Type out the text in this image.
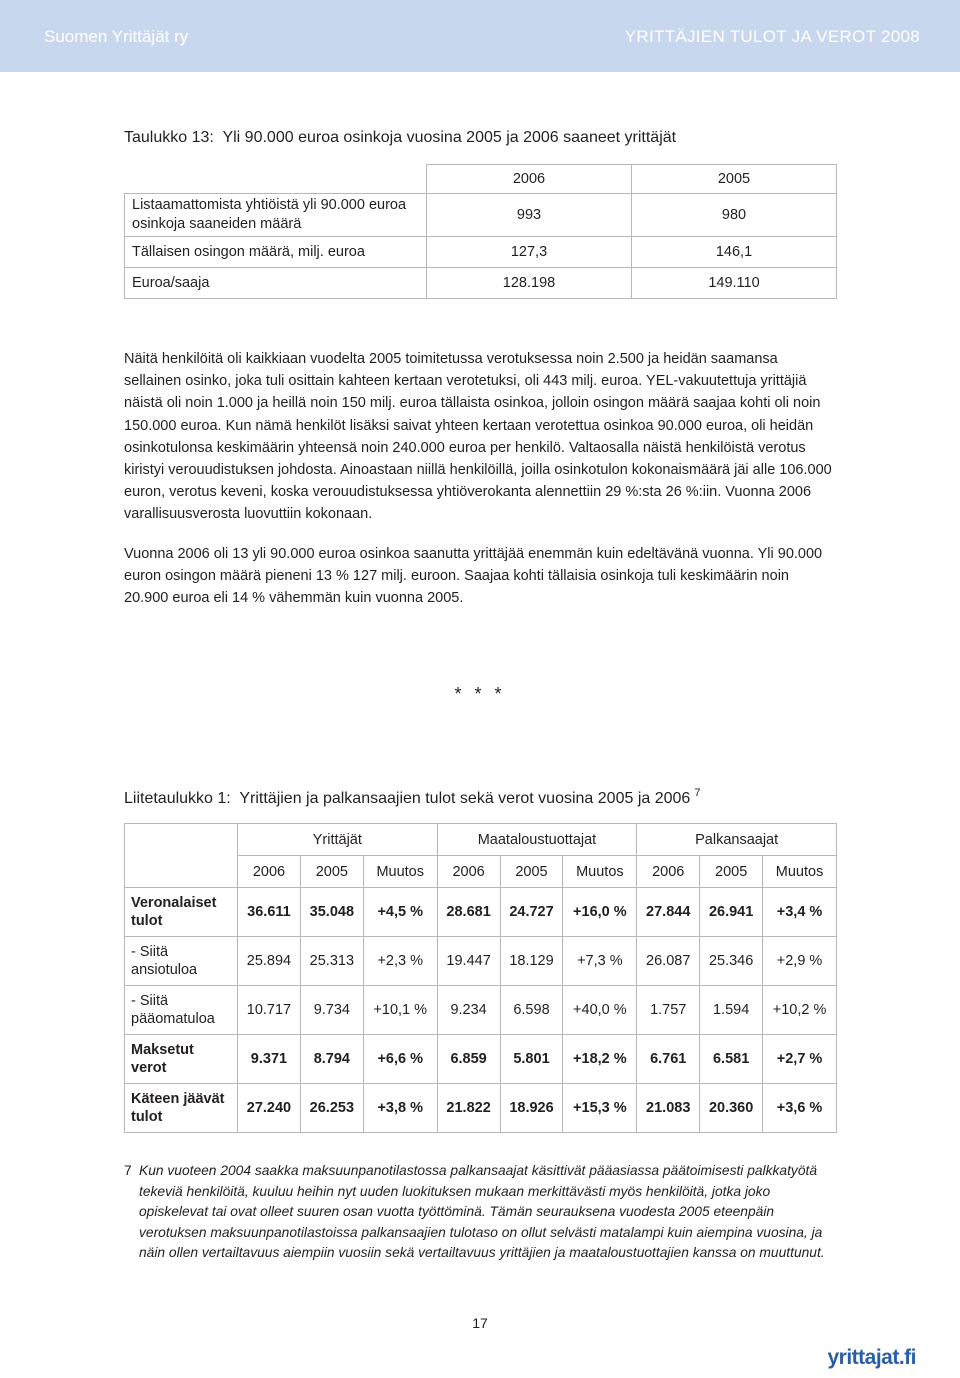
Suomen Yrittäjät ry	YRITTÄJIEN TULOT JA VEROT 2008
Taulukko 13: Yli 90.000 euroa osinkoja vuosina 2005 ja 2006 saaneet yrittäjät
	2006	2005
Listaamattomista yhtiöistä yli 90.000 euroa osinkoja saaneiden määrä	993	980
Tällaisen osingon määrä, milj. euroa	127,3	146,1
Euroa/saaja	128.198	149.110

Näitä henkilöitä oli kaikkiaan vuodelta 2005 toimitetussa verotuksessa noin 2.500 ja heidän saamansa sellainen osinko, joka tuli osittain kahteen kertaan verotetuksi, oli 443 milj. euroa. YEL-vakuutettuja yrittäjiä näistä oli noin 1.000 ja heillä noin 150 milj. euroa tällaista osinkoa, jolloin osingon määrä saajaa kohti oli noin 150.000 euroa. Kun nämä henkilöt lisäksi saivat yhteen kertaan verotettua osinkoa 90.000 euroa, oli heidän osinkotulonsa keskimäärin yhteensä noin 240.000 euroa per henkilö. Valtaosalla näistä henkilöistä verotus kiristyi verouudistuksen johdosta. Ainoastaan niillä henkilöillä, joilla osinkotulon kokonaismäärä jäi alle 106.000 euron, verotus keveni, koska verouudistuksessa yhtiöverokanta alennettiin 29 %:sta 26 %:iin. Vuonna 2006 varallisuusverosta luovuttiin kokonaan.

Vuonna 2006 oli 13 yli 90.000 euroa osinkoa saanutta yrittäjää enemmän kuin edeltävänä vuonna. Yli 90.000 euron osingon määrä pieneni 13 % 127 milj. euroon. Saajaa kohti tällaisia osinkoja tuli keskimäärin noin 20.900 euroa eli 14 % vähemmän kuin vuonna 2005.

* * *
Liitetaulukko 1: Yrittäjien ja palkansaajien tulot sekä verot vuosina 2005 ja 2006 $^7$
	Yrittäjät			Maataloustuottajat			Palkansaajat		
	2006	2005	Muutos	2006	2005	Muutos	2006	2005	Muutos
Veronalaiset tulot	36.611	35.048	+4,5 %	28.681	24.727	+16,0 %	27.844	26.941	+3,4 %
- Siitä ansiotuloa	25.894	25.313	+2,3 %	19.447	18.129	+7,3 %	26.087	25.346	+2,9 %
- Siitä pääomatuloa	10.717	9.734	+10,1 %	9.234	6.598	+40,0 %	1.757	1.594	+10,2 %
Maksetut verot	9.371	8.794	+6,6 %	6.859	5.801	+18,2 %	6.761	6.581	+2,7 %
Käteen jäävät tulot	27.240	26.253	+3,8 %	21.822	18.926	+15,3 %	21.083	20.360	+3,6 %
7 Kun vuoteen 2004 saakka maksuunpanotilastossa palkansaajat käsittivät pääasiassa päätoimisesti palkkatyötä tekeviä henkilöitä, kuuluu heihin nyt uuden luokituksen mukaan merkittävästi myös henkilöitä, jotka joko opiskelevat tai ovat olleet suuren osan vuotta työttöminä. Tämän seurauksena vuodesta 2005 eteenpäin verotuksen maksuunpanotilastoissa palkansaajien tulotaso on ollut selvästi matalampi kuin aiempina vuosina, ja näin ollen vertailtavuus aiempiin vuosiin sekä vertailtavuus yrittäjien ja maataloustuottajien kanssa on muuttunut.
17
yrittajat.fi
